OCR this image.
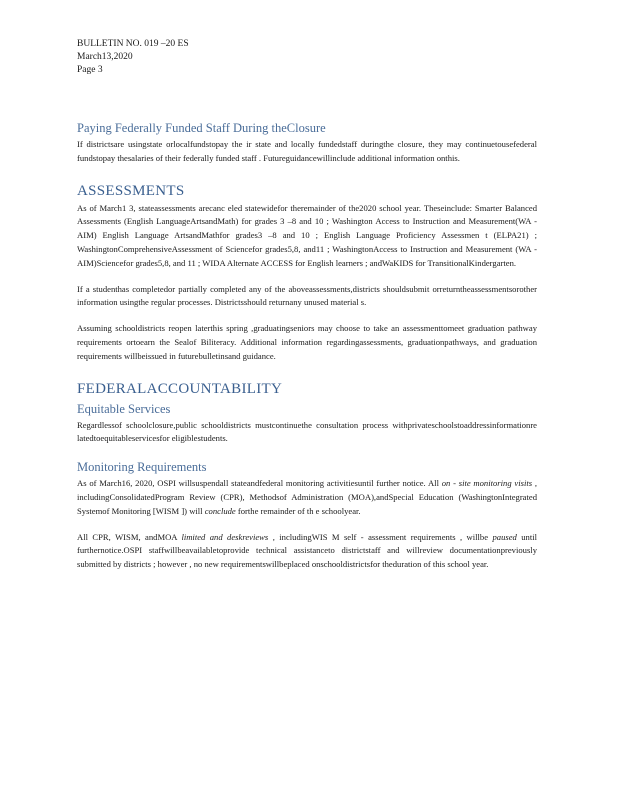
BULLETIN NO. 019 –20 ES
March13,2020
Page 3
Paying Federally Funded Staff During theClosure
If districtsare usingstate orlocalfundstopay the ir state and locally fundedstaff duringthe closure, they may continuetousefederal fundstopay thesalaries of their federally funded staff . Futureguidancewillinclude additional information onthis.
ASSESSMENTS
As of March1 3, stateassessments arecanc eled statewidefor theremainder of the2020 school year. Theseinclude: Smarter Balanced Assessments (English LanguageArtsandMath) for grades 3 –8 and 10 ; Washington Access to Instruction and Measurement(WA - AIM) English Language ArtsandMathfor grades3 –8 and 10 ; English Language Proficiency Assessmen t (ELPA21) ; WashingtonComprehensiveAssessment of Sciencefor grades5,8, and11 ; WashingtonAccess to Instruction and Measurement (WA - AIM)Sciencefor grades5,8, and 11 ; WIDA Alternate ACCESS for English learners ; andWaKIDS for TransitionalKindergarten.
If a studenthas completedor partially completed any of the aboveassessments,districts shouldsubmit orreturntheassessmentsorother information usingthe regular processes. Districtsshould returnany unused material s.
Assuming schooldistricts reopen laterthis spring ,graduatingseniors may choose to take an assessmenttomeet graduation pathway requirements ortoearn the Sealof Biliteracy. Additional information regardingassessments, graduationpathways, and graduation requirements willbeissued in futurebulletinsand guidance.
FEDERALACCOUNTABILITY
Equitable Services
Regardlessof schoolclosure,public schooldistricts mustcontinuethe consultation process withprivateschoolstoaddressinformationre latedtoequitableservicesfor eligiblestudents.
Monitoring Requirements
As of March16, 2020, OSPI willsuspendall stateandfederal monitoring activitiesuntil further notice. All on - site monitoring visits , includingConsolidatedProgram Review (CPR), Methodsof Administration (MOA),andSpecial Education (WashingtonIntegrated Systemof Monitoring [WISM ]) will conclude forthe remainder of th e schoolyear.
All CPR, WISM, andMOA limited and deskreviews , includingWIS M self - assessment requirements , willbe paused until furthernotice.OSPI staffwillbeavailabletoprovide technical assistanceto districtstaff and willreview documentationpreviously submitted by districts ; however , no new requirementswillbeplaced onschooldistrictsfor theduration of this school year.
